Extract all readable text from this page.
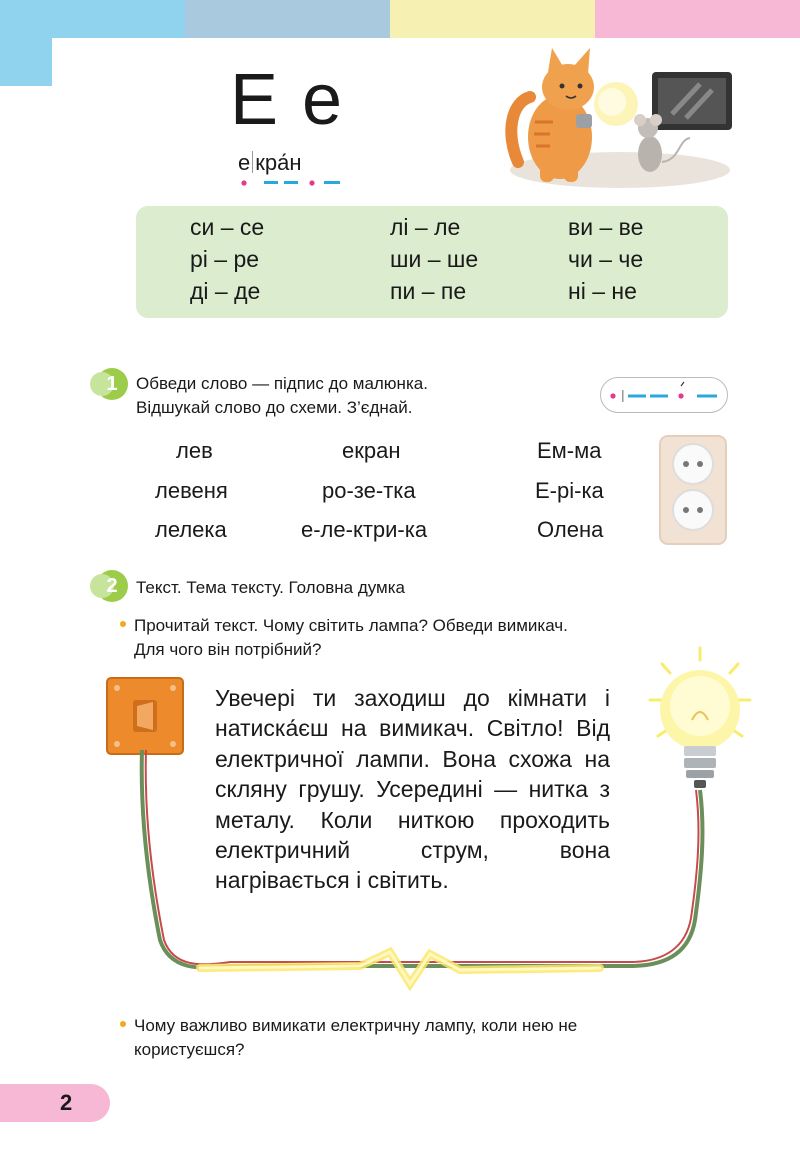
Е е
е кра́н
си – се	лі – ле	ви – ве
рі – ре	ши – ше	чи – че
ді – де	пи – пе	ні – не
1	Обведи слово — підпис до малюнка.
Відшукай слово до схеми. З’єднай.
лев	екран	Ем-ма
левеня	ро-зе-тка	Е-рі-ка
лелека	е-ле-ктри-ка	Олена
2	Текст. Тема тексту. Головна думка
Прочитай текст. Чому світить лампа? Обведи вимикач.
Для чого він потрібний?
Увечері ти заходиш до кімнати і натиска́єш на вимикач. Світло! Від електричної лампи. Вона схожа на скляну грушу. Усередині — нитка з металу. Коли ниткою проходить електричний струм, вона нагрівається і світить.
Чому важливо вимикати електричну лампу, коли нею не
користуєшся?
2
